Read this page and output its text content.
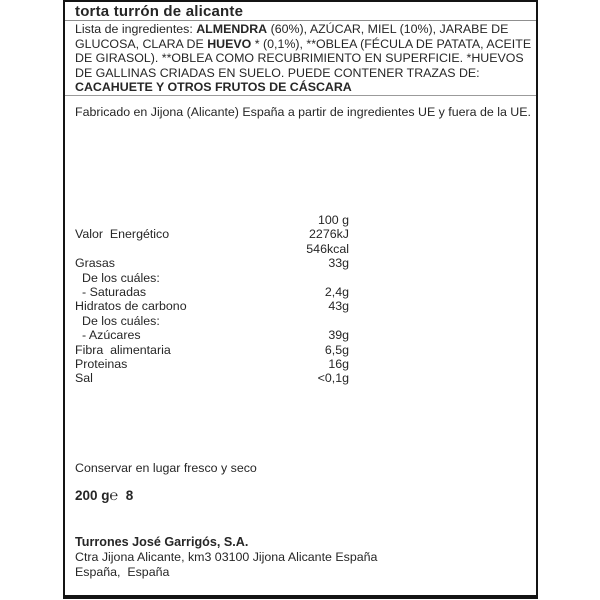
torta turrón de alicante
Lista de ingredientes: ALMENDRA (60%), AZÚCAR, MIEL (10%), JARABE DE GLUCOSA, CLARA DE HUEVO * (0,1%), **OBLEA (FÉCULA DE PATATA, ACEITE DE GIRASOL). **OBLEA COMO RECUBRIMIENTO EN SUPERFICIE. *HUEVOS DE GALLINAS CRIADAS EN SUELO. PUEDE CONTENER TRAZAS DE: CACAHUETE Y OTROS FRUTOS DE CÁSCARA
Fabricado en Jijona (Alicante) España a partir de ingredientes UE y fuera de la UE.
100 g
Valor  Energético	2276kJ
546kcal
Grasas	33g
De los cuáles:
- Saturadas	2,4g
Hidratos de carbono	43g
De los cuáles:
- Azúcares	39g
Fibra  alimentaria	6,5g
Proteinas	16g
Sal	<0,1g
Conservar en lugar fresco y seco
200 g℮  8

Turrones José Garrigós, S.A.
Ctra Jijona Alicante, km3 03100 Jijona Alicante España
España,  España
